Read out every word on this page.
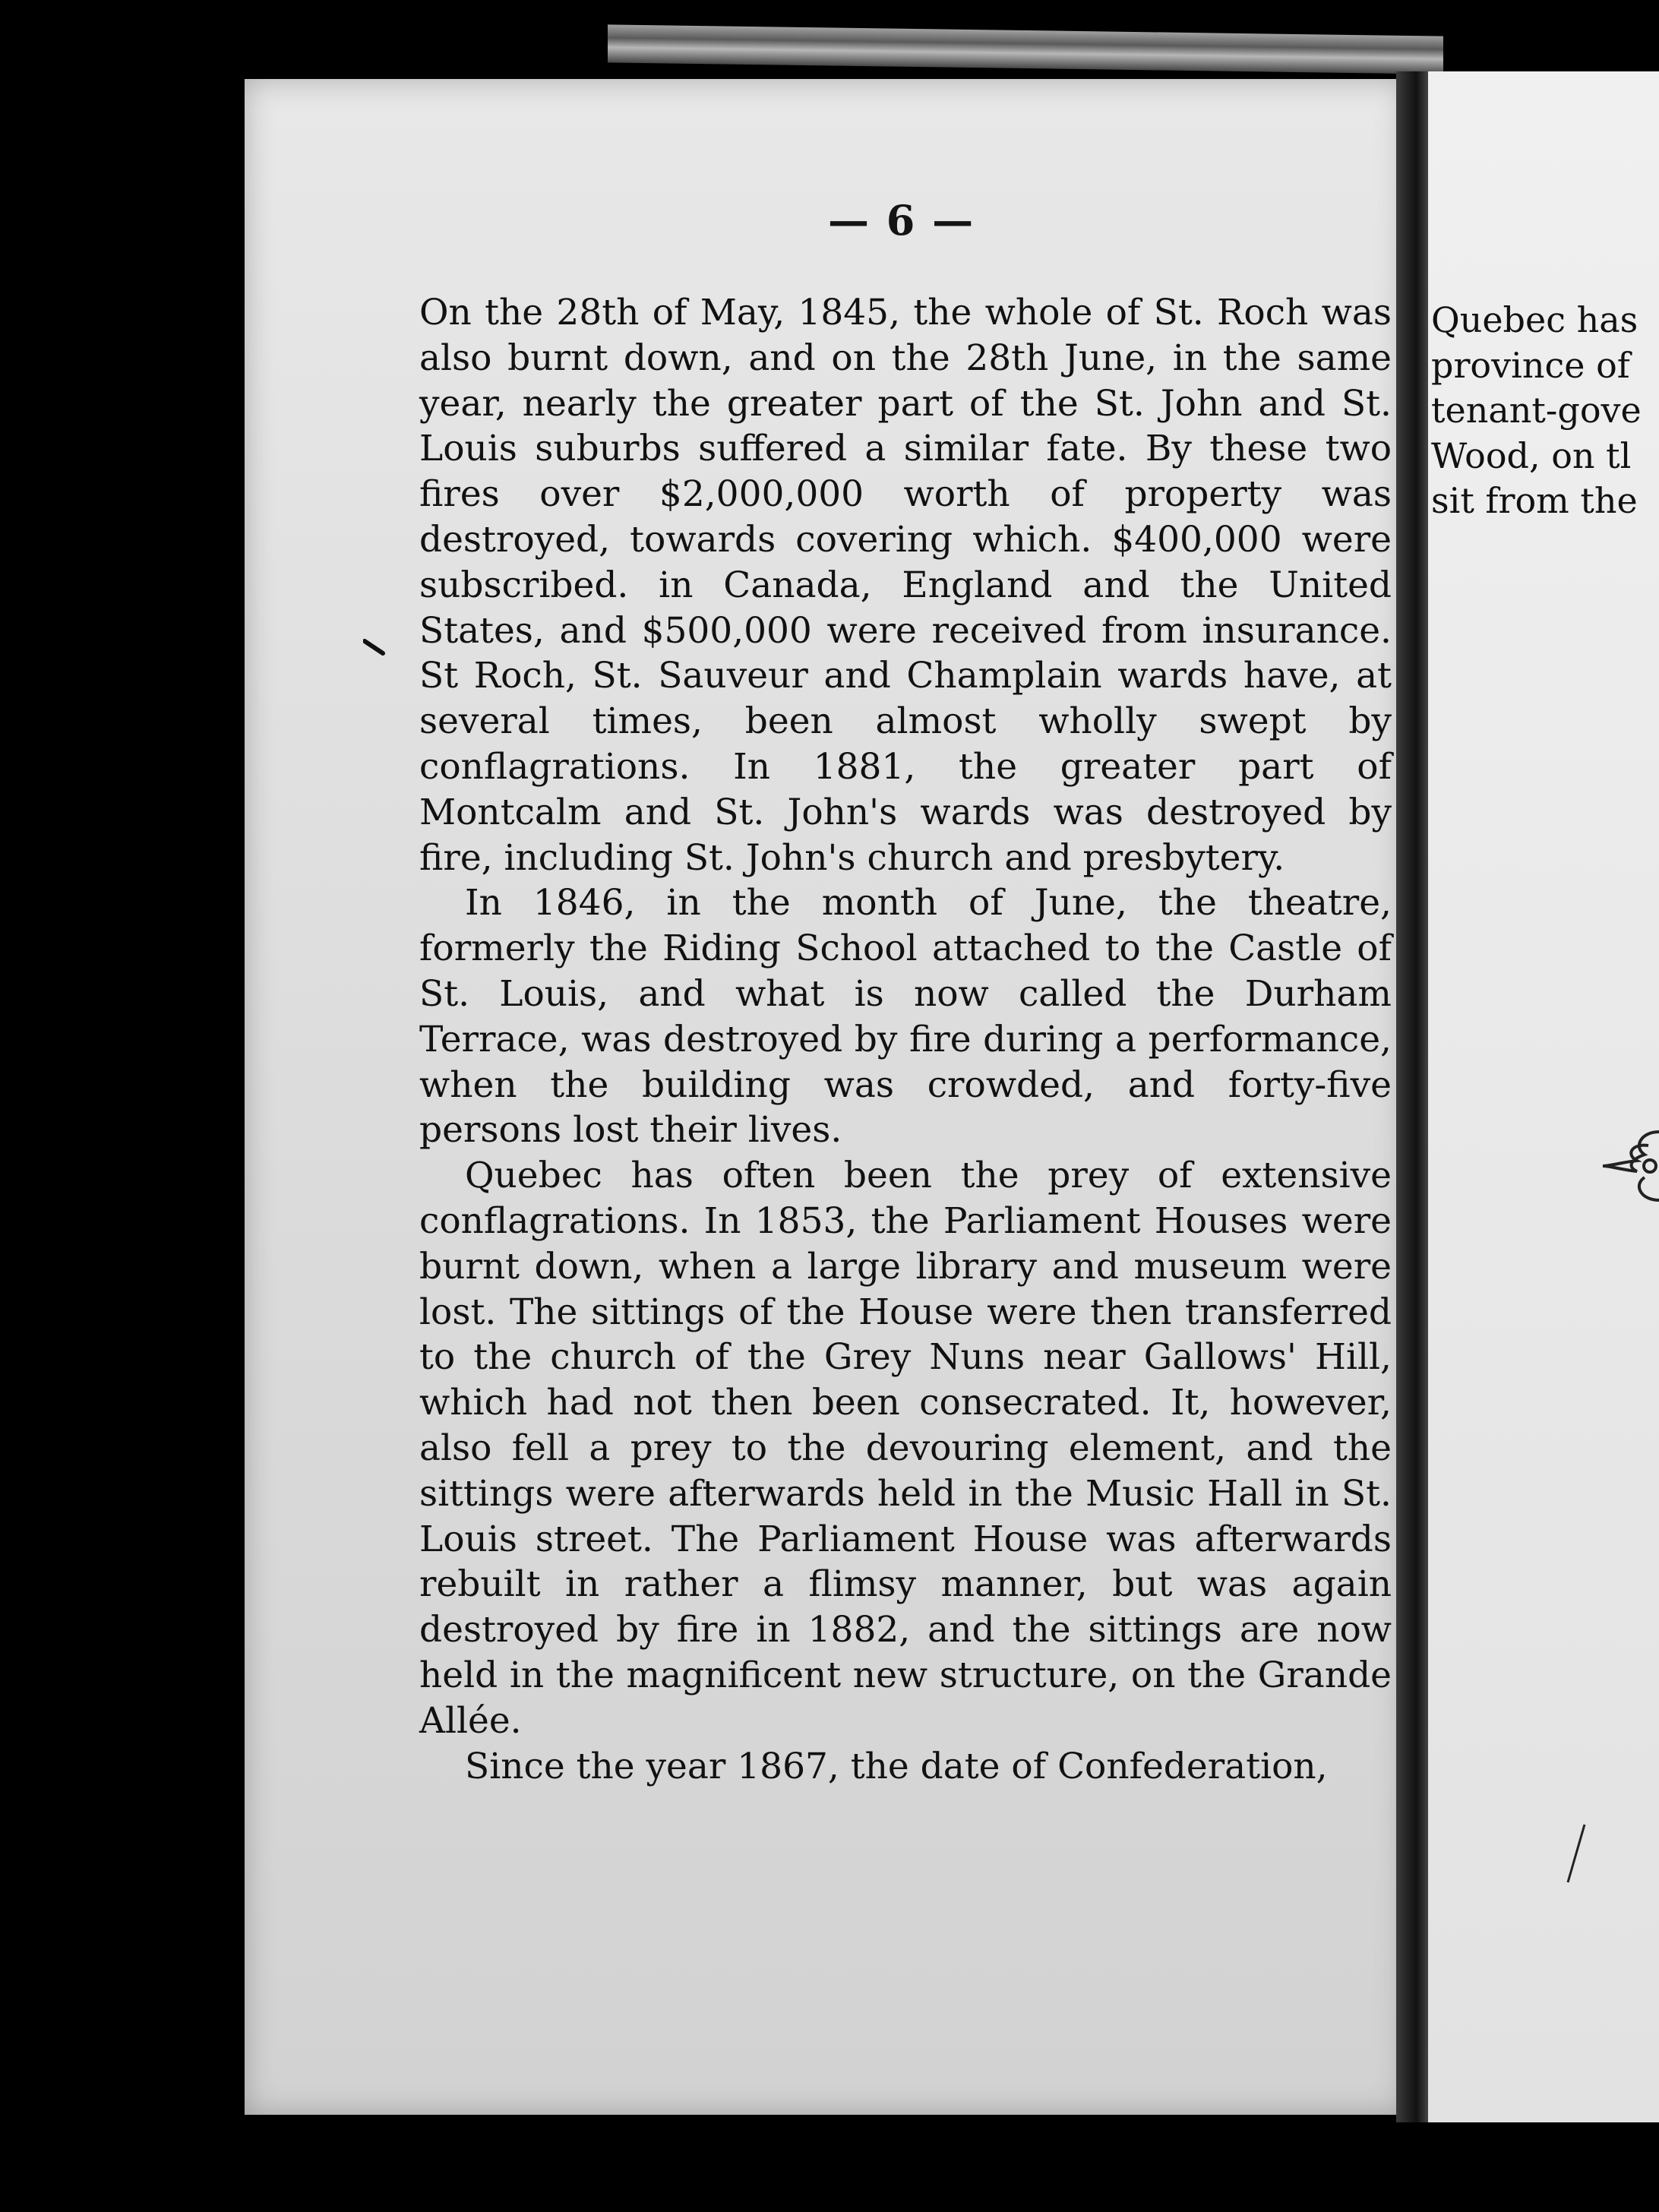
— 6 —

On the 28th of May, 1845, the whole of St. Roch was also burnt down, and on the 28th June, in the same year, nearly the greater part of the St. John and St. Louis suburbs suffered a similar fate. By these two fires over $2,000,000 worth of property was destroyed, towards covering which. $400,000 were subscribed. in Canada, England and the United States, and $500,000 were received from insurance. St Roch, St. Sauveur and Champlain wards have, at several times, been almost wholly swept by conflagrations. In 1881, the greater part of Montcalm and St. John's wards was destroyed by fire, including St. John's church and presbytery.

In 1846, in the month of June, the theatre, formerly the Riding School attached to the Castle of St. Louis, and what is now called the Durham Terrace, was destroyed by fire during a performance, when the building was crowded, and forty-five persons lost their lives.

Quebec has often been the prey of extensive conflagrations. In 1853, the Parliament Houses were burnt down, when a large library and museum were lost. The sittings of the House were then transferred to the church of the Grey Nuns near Gallows' Hill, which had not then been consecrated. It, however, also fell a prey to the devouring element, and the sittings were afterwards held in the Music Hall in St. Louis street. The Parliament House was afterwards rebuilt in rather a flimsy manner, but was again destroyed by fire in 1882, and the sittings are now held in the magnificent new structure, on the Grande Allée.

Since the year 1867, the date of Confederation,

Quebec has
province of
tenant-gove
Wood, on tl
sit from the
